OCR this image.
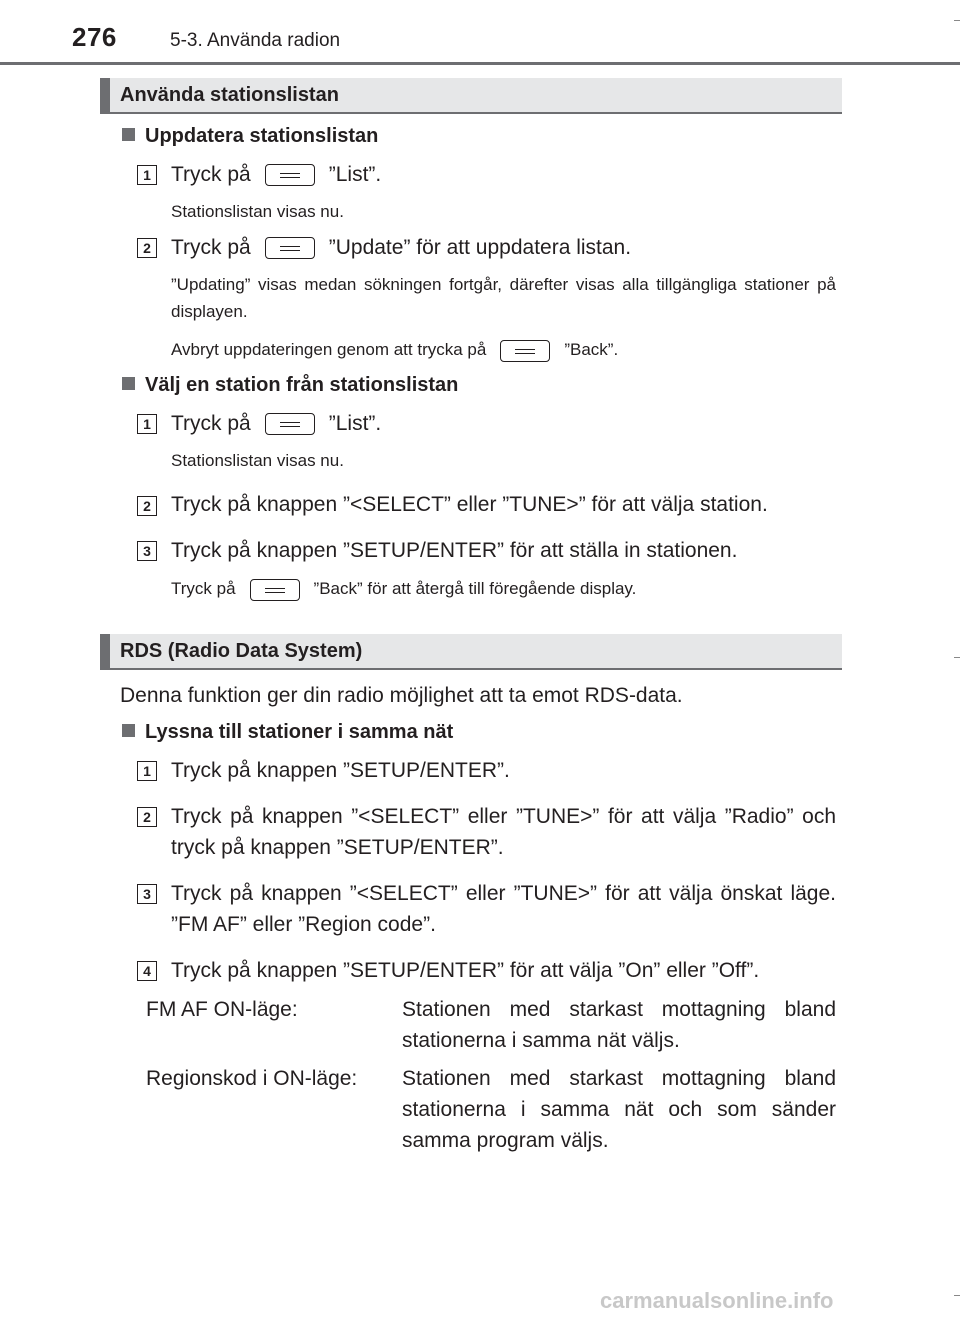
276	5-3. Använda radion
Använda stationslistan
Uppdatera stationslistan
1 Tryck på	”List”.
Stationslistan visas nu.
2 Tryck på	”Update” för att uppdatera listan.
”Updating” visas medan sökningen fortgår, därefter visas alla tillgängliga stationer på displayen.
Avbryt uppdateringen genom att trycka på	”Back”.
Välj en station från stationslistan
1 Tryck på	”List”.
Stationslistan visas nu.
2 Tryck på knappen ”<SELECT” eller ”TUNE>” för att välja station.
3 Tryck på knappen ”SETUP/ENTER” för att ställa in stationen.
Tryck på	”Back” för att återgå till föregående display.
RDS (Radio Data System)
Denna funktion ger din radio möjlighet att ta emot RDS-data.
Lyssna till stationer i samma nät
1 Tryck på knappen ”SETUP/ENTER”.
2 Tryck på knappen ”<SELECT” eller ”TUNE>” för att välja ”Radio” och tryck på knappen ”SETUP/ENTER”.
3 Tryck på knappen ”<SELECT” eller ”TUNE>” för att välja önskat läge. ”FM AF” eller ”Region code”.
4 Tryck på knappen ”SETUP/ENTER” för att välja ”On” eller ”Off”.
FM AF ON-läge:	Stationen med starkast mottagning bland stationerna i samma nät väljs.
Regionskod i ON-läge: Stationen med starkast mottagning bland stationerna i samma nät och som sänder samma program väljs.
carmanualsonline.info
